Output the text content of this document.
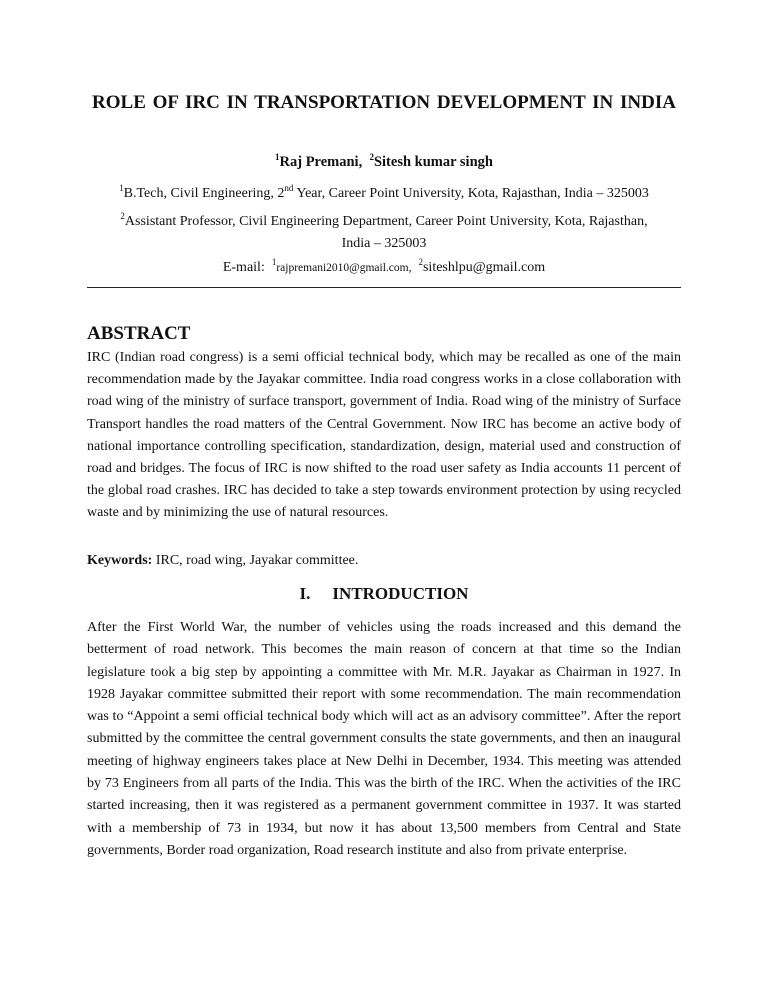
ROLE OF IRC IN TRANSPORTATION DEVELOPMENT IN INDIA
$^1$Raj Premani, $^2$Sitesh kumar singh
$^1$B.Tech, Civil Engineering, 2nd Year, Career Point University, Kota, Rajasthan, India – 325003
$^2$Assistant Professor, Civil Engineering Department, Career Point University, Kota, Rajasthan,
India – 325003
E-mail: $^1$rajpremani2010@gmail.com, $^2$siteshlpu@gmail.com
ABSTRACT
IRC (Indian road congress) is a semi official technical body, which may be recalled as one of the main recommendation made by the Jayakar committee. India road congress works in a close collaboration with road wing of the ministry of surface transport, government of India. Road wing of the ministry of Surface Transport handles the road matters of the Central Government. Now IRC has become an active body of national importance controlling specification, standardization, design, material used and construction of road and bridges. The focus of IRC is now shifted to the road user safety as India accounts 11 percent of the global road crashes. IRC has decided to take a step towards environment protection by using recycled waste and by minimizing the use of natural resources.
Keywords: IRC, road wing, Jayakar committee.
I. INTRODUCTION
After the First World War, the number of vehicles using the roads increased and this demand the betterment of road network. This becomes the main reason of concern at that time so the Indian legislature took a big step by appointing a committee with Mr. M.R. Jayakar as Chairman in 1927. In 1928 Jayakar committee submitted their report with some recommendation. The main recommendation was to “Appoint a semi official technical body which will act as an advisory committee”. After the report submitted by the committee the central government consults the state governments, and then an inaugural meeting of highway engineers takes place at New Delhi in December, 1934. This meeting was attended by 73 Engineers from all parts of the India. This was the birth of the IRC. When the activities of the IRC started increasing, then it was registered as a permanent government committee in 1937. It was started with a membership of 73 in 1934, but now it has about 13,500 members from Central and State governments, Border road organization, Road research institute and also from private enterprise.
